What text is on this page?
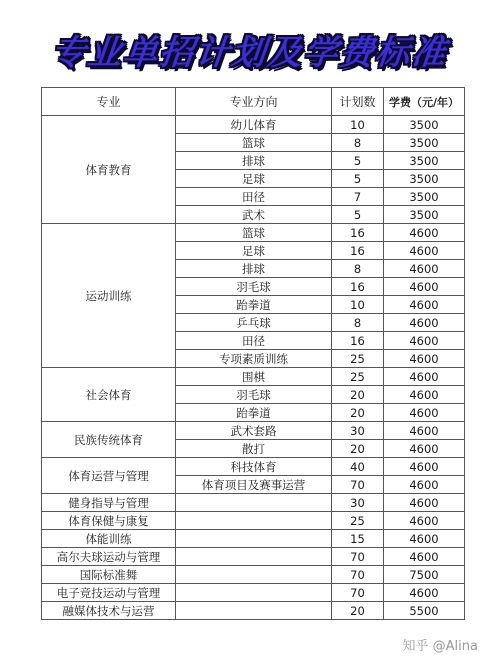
专业单招计划及学费标准
专业	专业方向	计划数	学费（元/年）
体育教育	幼儿体育	10	3500
	篮球	8	3500
	排球	5	3500
	足球	5	3500
	田径	7	3500
	武术	5	3500
运动训练	篮球	16	4600
	足球	16	4600
	排球	8	4600
	羽毛球	16	4600
	跆拳道	10	4600
	乒乓球	8	4600
	田径	16	4600
	专项素质训练	25	4600
社会体育	围棋	25	4600
	羽毛球	20	4600
	跆拳道	20	4600
民族传统体育	武术套路	30	4600
	散打	20	4600
体育运营与管理	科技体育	40	4600
	体育项目及赛事运营	70	4600
健身指导与管理		30	4600
体育保健与康复		25	4600
体能训练		15	4600
高尔夫球运动与管理		70	4600
国际标准舞		70	7500
电子竞技运动与管理		70	4600
融媒体技术与运营		20	5500
知乎 @Alina
